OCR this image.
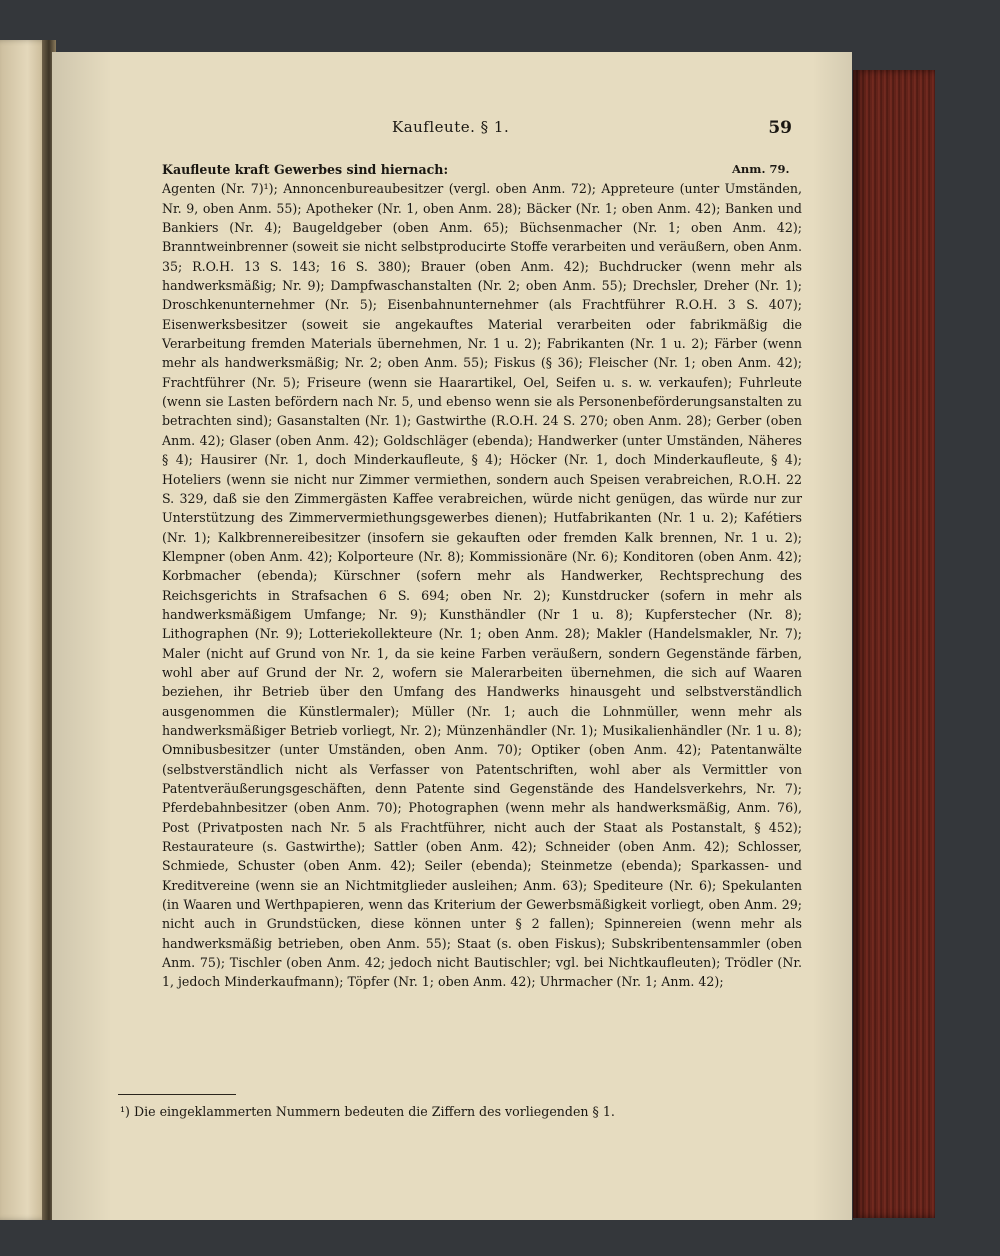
Kaufleute. § 1.	59
Kaufleute kraft Gewerbes sind hiernach:

Agenten (Nr. 7)¹); Annoncenbureaubesitzer (vergl. oben Anm. 72); Appreteure (unter Umständen, Nr. 9, oben Anm. 55); Apotheker (Nr. 1, oben Anm. 28); Bäcker (Nr. 1; oben Anm. 42); Banken und Bankiers (Nr. 4); Baugeldgeber (oben Anm. 65); Büchsenmacher (Nr. 1; oben Anm. 42); Branntweinbrenner (soweit sie nicht selbstproducirte Stoffe verarbeiten und veräußern, oben Anm. 35; R.O.H. 13 S. 143; 16 S. 380); Brauer (oben Anm. 42); Buchdrucker (wenn mehr als handwerksmäßig; Nr. 9); Dampfwaschanstalten (Nr. 2; oben Anm. 55); Drechsler, Dreher (Nr. 1); Droschkenunternehmer (Nr. 5); Eisenbahnunternehmer (als Frachtführer R.O.H. 3 S. 407); Eisenwerksbesitzer (soweit sie angekauftes Material verarbeiten oder fabrikmäßig die Verarbeitung fremden Materials übernehmen, Nr. 1 u. 2); Fabrikanten (Nr. 1 u. 2); Färber (wenn mehr als handwerksmäßig; Nr. 2; oben Anm. 55); Fiskus (§ 36); Fleischer (Nr. 1; oben Anm. 42); Frachtführer (Nr. 5); Friseure (wenn sie Haarartikel, Oel, Seifen u. s. w. verkaufen); Fuhrleute (wenn sie Lasten befördern nach Nr. 5, und ebenso wenn sie als Personenbeförderungsanstalten zu betrachten sind); Gasanstalten (Nr. 1); Gastwirthe (R.O.H. 24 S. 270; oben Anm. 28); Gerber (oben Anm. 42); Glaser (oben Anm. 42); Goldschläger (ebenda); Handwerker (unter Umständen, Näheres § 4); Hausirer (Nr. 1, doch Minderkaufleute, § 4); Höcker (Nr. 1, doch Minderkaufleute, § 4); Hoteliers (wenn sie nicht nur Zimmer vermiethen, sondern auch Speisen verabreichen, R.O.H. 22 S. 329, daß sie den Zimmergästen Kaffee verabreichen, würde nicht genügen, das würde nur zur Unterstützung des Zimmervermiethungsgewerbes dienen); Hutfabrikanten (Nr. 1 u. 2); Kafétiers (Nr. 1); Kalkbrennereibesitzer (insofern sie gekauften oder fremden Kalk brennen, Nr. 1 u. 2); Klempner (oben Anm. 42); Kolporteure (Nr. 8); Kommissionäre (Nr. 6); Konditoren (oben Anm. 42); Korbmacher (ebenda); Kürschner (sofern mehr als Handwerker, Rechtsprechung des Reichsgerichts in Strafsachen 6 S. 694; oben Nr. 2); Kunstdrucker (sofern in mehr als handwerksmäßigem Umfange; Nr. 9); Kunsthändler (Nr 1 u. 8); Kupferstecher (Nr. 8); Lithographen (Nr. 9); Lotteriekollekteure (Nr. 1; oben Anm. 28); Makler (Handelsmakler, Nr. 7); Maler (nicht auf Grund von Nr. 1, da sie keine Farben veräußern, sondern Gegenstände färben, wohl aber auf Grund der Nr. 2, wofern sie Malerarbeiten übernehmen, die sich auf Waaren beziehen, ihr Betrieb über den Umfang des Handwerks hinausgeht und selbstverständlich ausgenommen die Künstlermaler); Müller (Nr. 1; auch die Lohnmüller, wenn mehr als handwerksmäßiger Betrieb vorliegt, Nr. 2); Münzenhändler (Nr. 1); Musikalienhändler (Nr. 1 u. 8); Omnibusbesitzer (unter Umständen, oben Anm. 70); Optiker (oben Anm. 42); Patentanwälte (selbstverständlich nicht als Verfasser von Patentschriften, wohl aber als Vermittler von Patentveräußerungsgeschäften, denn Patente sind Gegenstände des Handelsverkehrs, Nr. 7); Pferdebahnbesitzer (oben Anm. 70); Photographen (wenn mehr als handwerksmäßig, Anm. 76), Post (Privatposten nach Nr. 5 als Frachtführer, nicht auch der Staat als Postanstalt, § 452); Restaurateure (s. Gastwirthe); Sattler (oben Anm. 42); Schneider (oben Anm. 42); Schlosser, Schmiede, Schuster (oben Anm. 42); Seiler (ebenda); Steinmetze (ebenda); Sparkassen- und Kreditvereine (wenn sie an Nichtmitglieder ausleihen; Anm. 63); Spediteure (Nr. 6); Spekulanten (in Waaren und Werthpapieren, wenn das Kriterium der Gewerbsmäßigkeit vorliegt, oben Anm. 29; nicht auch in Grundstücken, diese können unter § 2 fallen); Spinnereien (wenn mehr als handwerksmäßig betrieben, oben Anm. 55); Staat (s. oben Fiskus); Subskribentensammler (oben Anm. 75); Tischler (oben Anm. 42; jedoch nicht Bautischler; vgl. bei Nichtkaufleuten); Trödler (Nr. 1, jedoch Minderkaufmann); Töpfer (Nr. 1; oben Anm. 42); Uhrmacher (Nr. 1; Anm. 42);

Anm. 79.
¹) Die eingeklammerten Nummern bedeuten die Ziffern des vorliegenden § 1.
